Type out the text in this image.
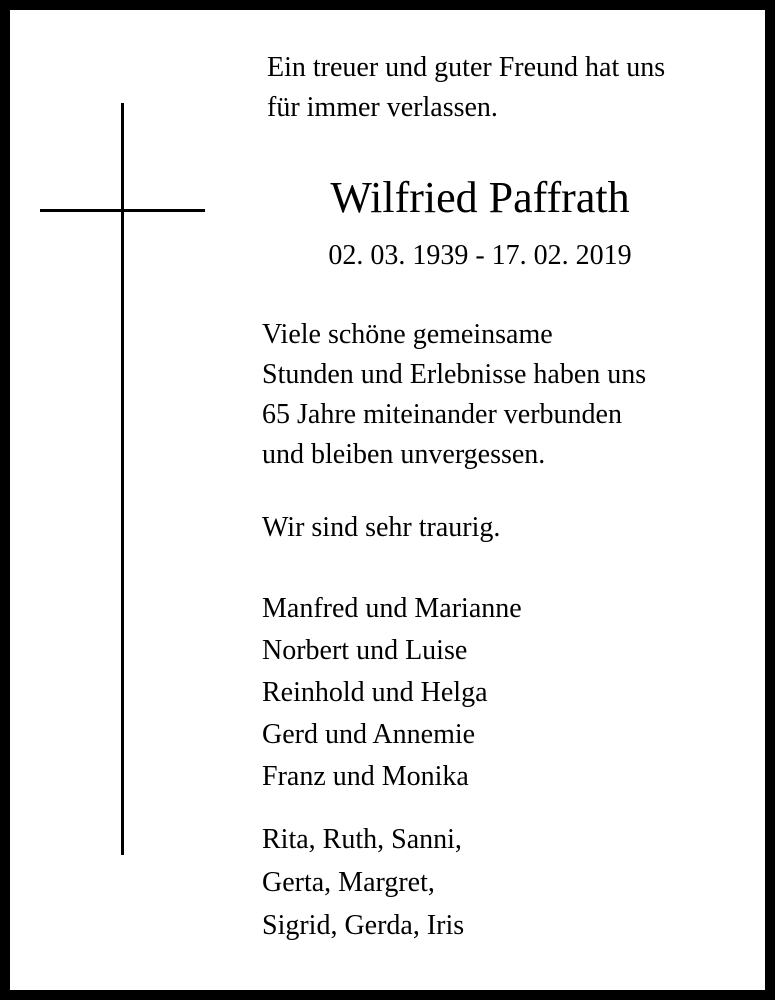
Ein treuer und guter Freund hat uns
für immer verlassen.
Wilfried Paffrath
02. 03. 1939 - 17. 02. 2019
Viele schöne gemeinsame
Stunden und Erlebnisse haben uns
65 Jahre miteinander verbunden
und bleiben unvergessen.
Wir sind sehr traurig.
Manfred und Marianne
Norbert und Luise
Reinhold und Helga
Gerd und Annemie
Franz und Monika
Rita, Ruth, Sanni,
Gerta, Margret,
Sigrid, Gerda, Iris
